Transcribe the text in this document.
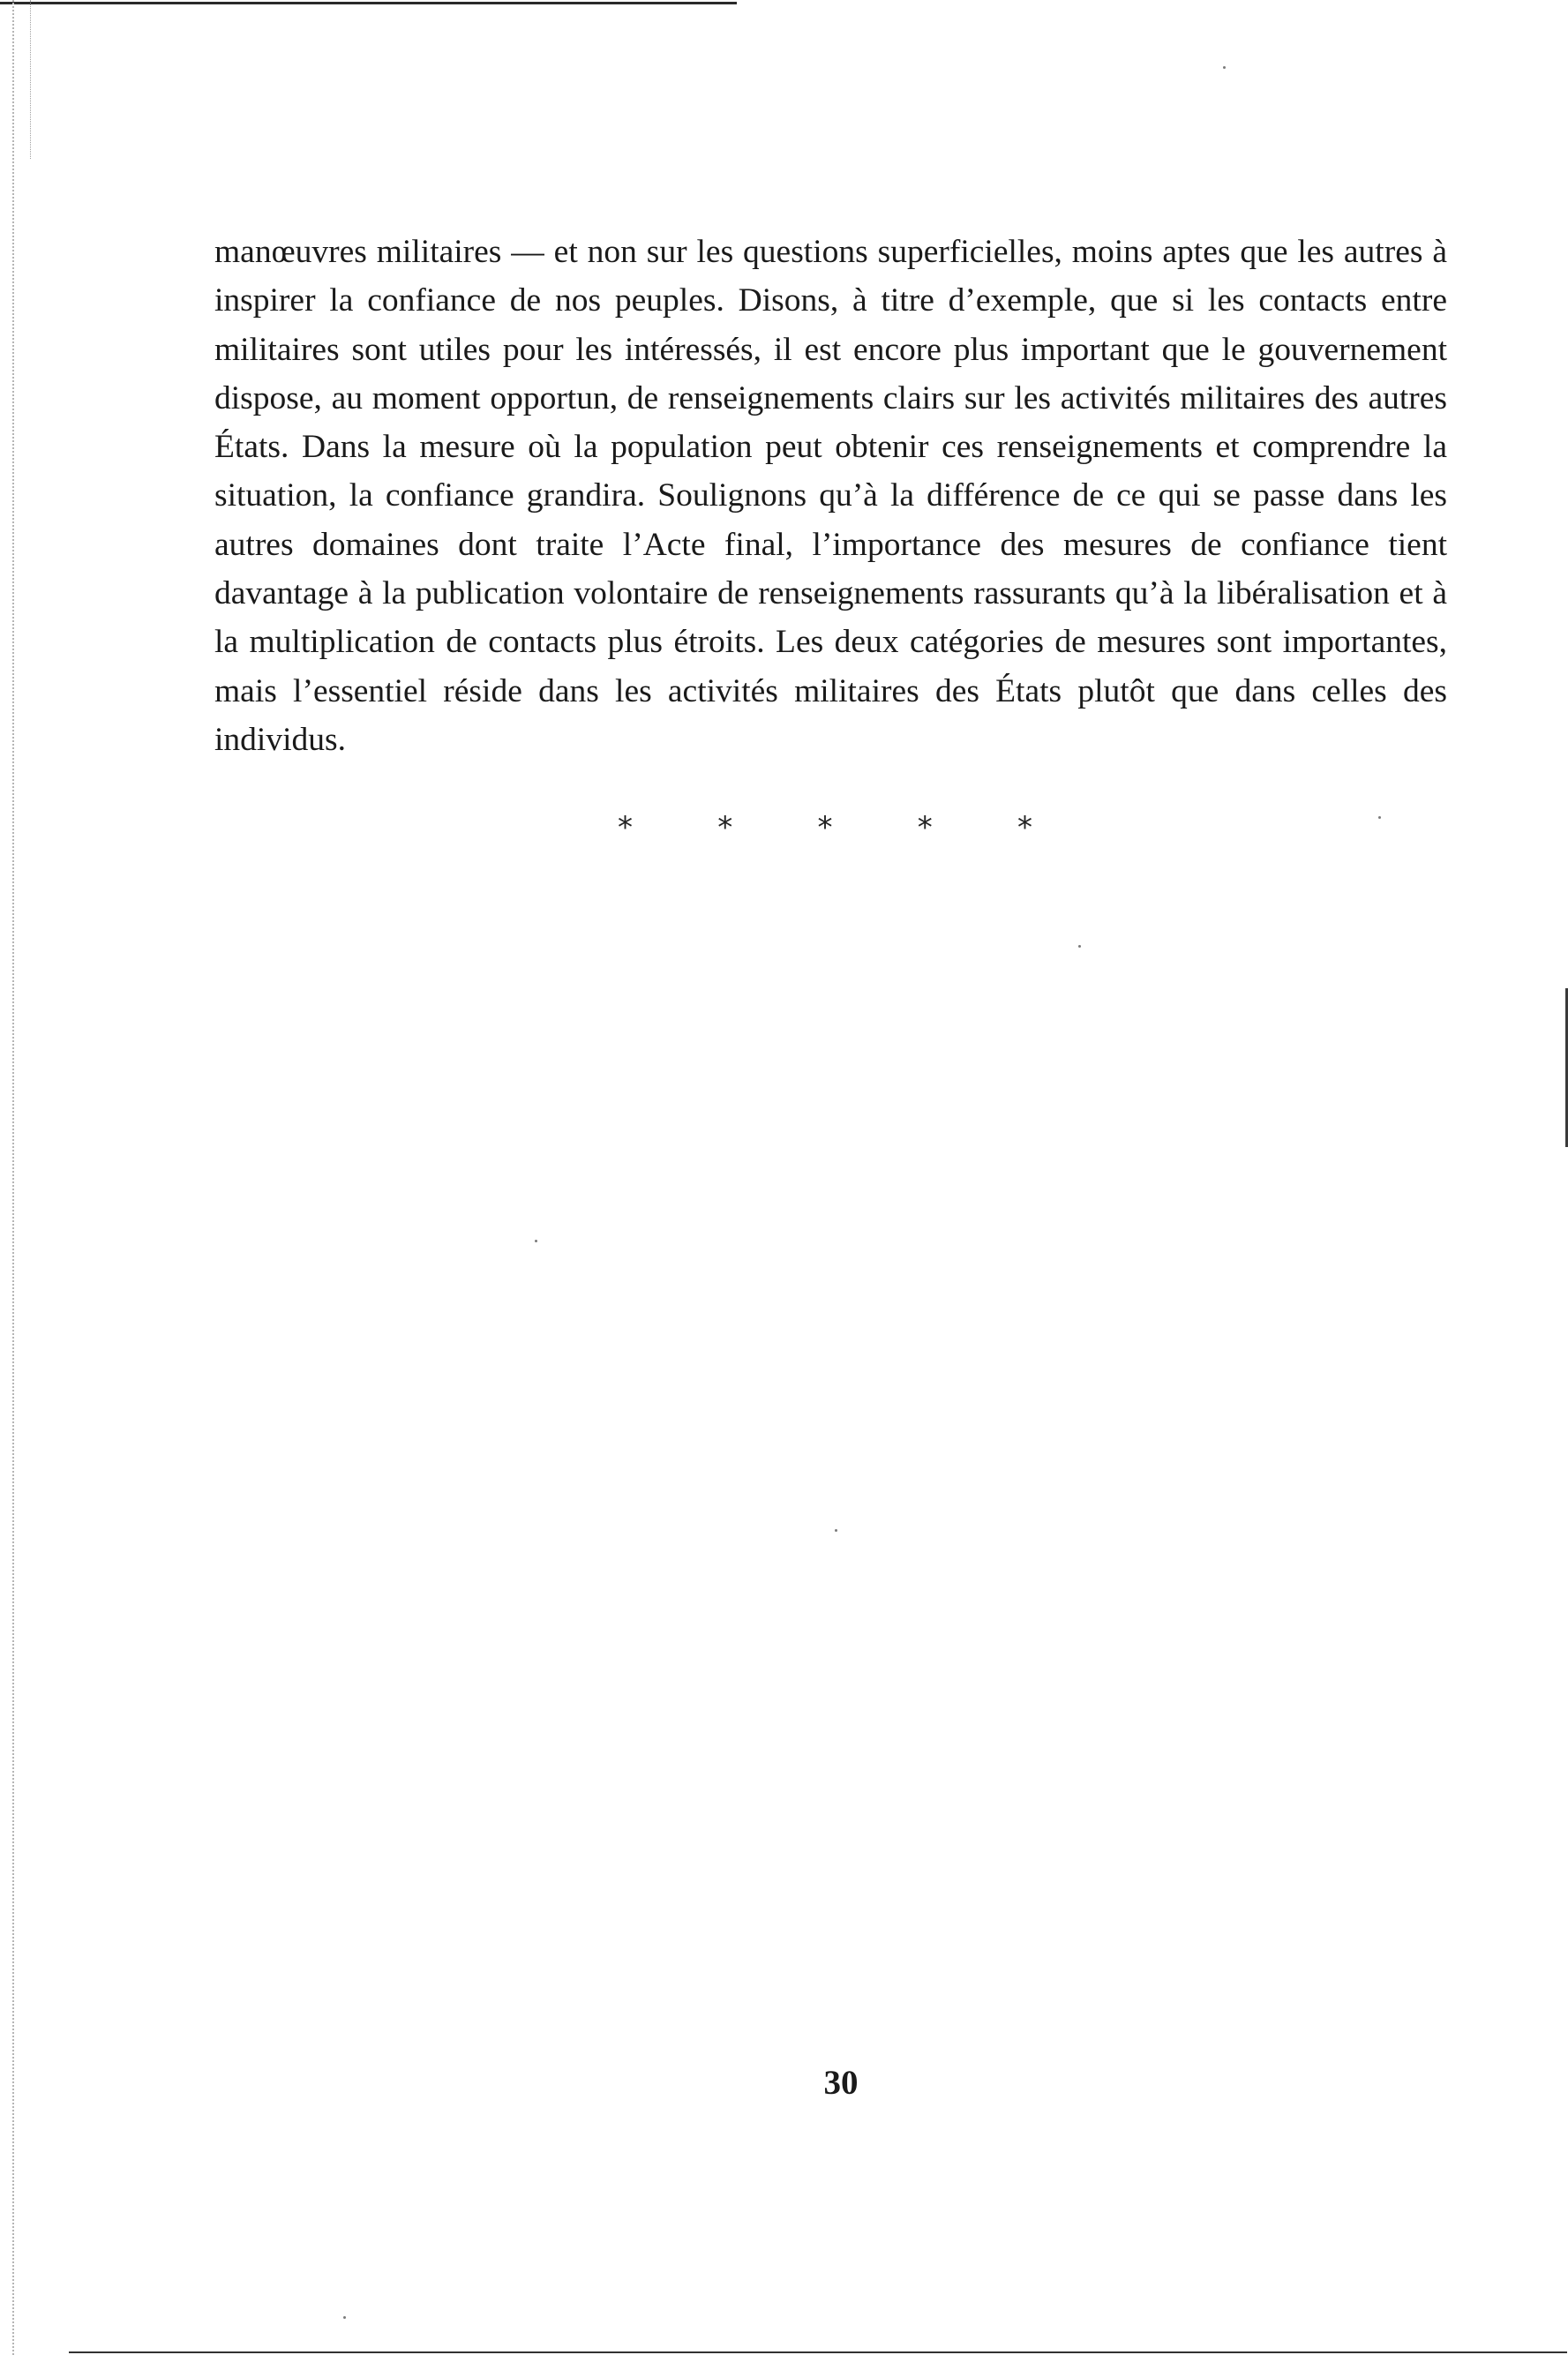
manœuvres militaires — et non sur les questions superficielles, moins aptes que les autres à inspirer la confiance de nos peuples. Disons, à titre d’exemple, que si les contacts entre militaires sont utiles pour les intéressés, il est encore plus important que le gouvernement dispose, au moment opportun, de renseignements clairs sur les activités militaires des autres États. Dans la mesure où la population peut obtenir ces renseignements et comprendre la situation, la confiance grandira. Soulignons qu’à la différence de ce qui se passe dans les autres domaines dont traite l’Acte final, l’importance des mesures de confiance tient davantage à la publication volontaire de renseignements rassurants qu’à la libéralisation et à la multiplication de contacts plus étroits. Les deux catégories de mesures sont importantes, mais l’essentiel réside dans les activités militaires des États plutôt que dans celles des individus.

*	*	*	*	*
30
